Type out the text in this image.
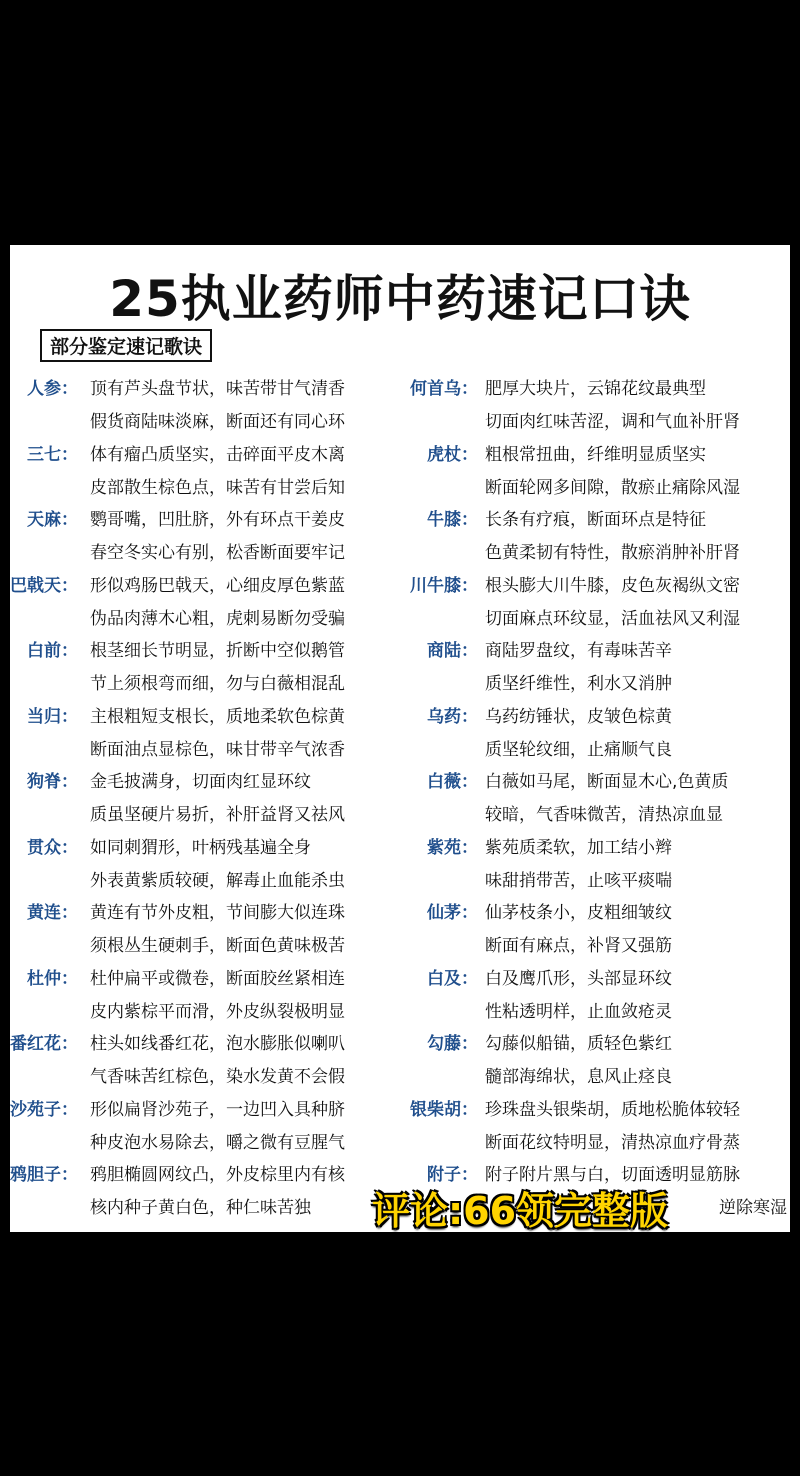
25执业药师中药速记口诀
部分鉴定速记歌诀
人参： 顶有芦头盘节状，味苦带甘气清香
假货商陆味淡麻，断面还有同心环
三七： 体有瘤凸质坚实，击碎面平皮木离
皮部散生棕色点，味苦有甘尝后知
天麻： 鹦哥嘴，凹肚脐，外有环点干姜皮
春空冬实心有别，松香断面要牢记
巴戟天： 形似鸡肠巴戟天，心细皮厚色紫蓝
伪品肉薄木心粗，虎刺易断勿受骗
白前： 根茎细长节明显，折断中空似鹅管
节上须根弯而细，勿与白薇相混乱
当归： 主根粗短支根长，质地柔软色棕黄
断面油点显棕色，味甘带辛气浓香
狗脊： 金毛披满身，切面肉红显环纹
质虽坚硬片易折，补肝益肾又祛风
贯众： 如同刺猬形，叶柄残基遍全身
外表黄紫质较硬，解毒止血能杀虫
黄连： 黄连有节外皮粗，节间膨大似连珠
须根丛生硬刺手，断面色黄味极苦
杜仲： 杜仲扁平或微卷，断面胶丝紧相连
皮内紫棕平而滑，外皮纵裂极明显
番红花： 柱头如线番红花，泡水膨胀似喇叭
气香味苦红棕色，染水发黄不会假
沙苑子： 形似扁肾沙苑子，一边凹入具种脐
种皮泡水易除去，嚼之微有豆腥气
鸦胆子： 鸦胆椭圆网纹凸，外皮棕里内有核
核内种子黄白色，种仁味苦独
何首乌： 肥厚大块片，云锦花纹最典型
切面肉红味苦涩，调和气血补肝肾
虎杖： 粗根常扭曲，纤维明显质坚实
断面轮网多间隙，散瘀止痛除风湿
牛膝： 长条有疗痕，断面环点是特征
色黄柔韧有特性，散瘀消肿补肝肾
川牛膝： 根头膨大川牛膝，皮色灰褐纵文密
切面麻点环纹显，活血祛风又利湿
商陆： 商陆罗盘纹，有毒味苦辛
质坚纤维性，利水又消肿
乌药： 乌药纺锤状，皮皱色棕黄
质坚轮纹细，止痛顺气良
白薇： 白薇如马尾，断面显木心,色黄质
较暗，气香味微苦，清热凉血显
紫苑： 紫苑质柔软，加工结小辫
味甜捎带苦，止咳平痰喘
仙茅： 仙茅枝条小，皮粗细皱纹
断面有麻点，补肾又强筋
白及： 白及鹰爪形，头部显环纹
性粘透明样，止血敛疮灵
勾藤： 勾藤似船锚，质轻色紫红
髓部海绵状，息风止痉良
银柴胡： 珍珠盘头银柴胡，质地松脆体较轻
断面花纹特明显，清热凉血疗骨蒸
附子： 附子附片黑与白，切面透明显筋脉
逆除寒湿
评论:66领完整版
